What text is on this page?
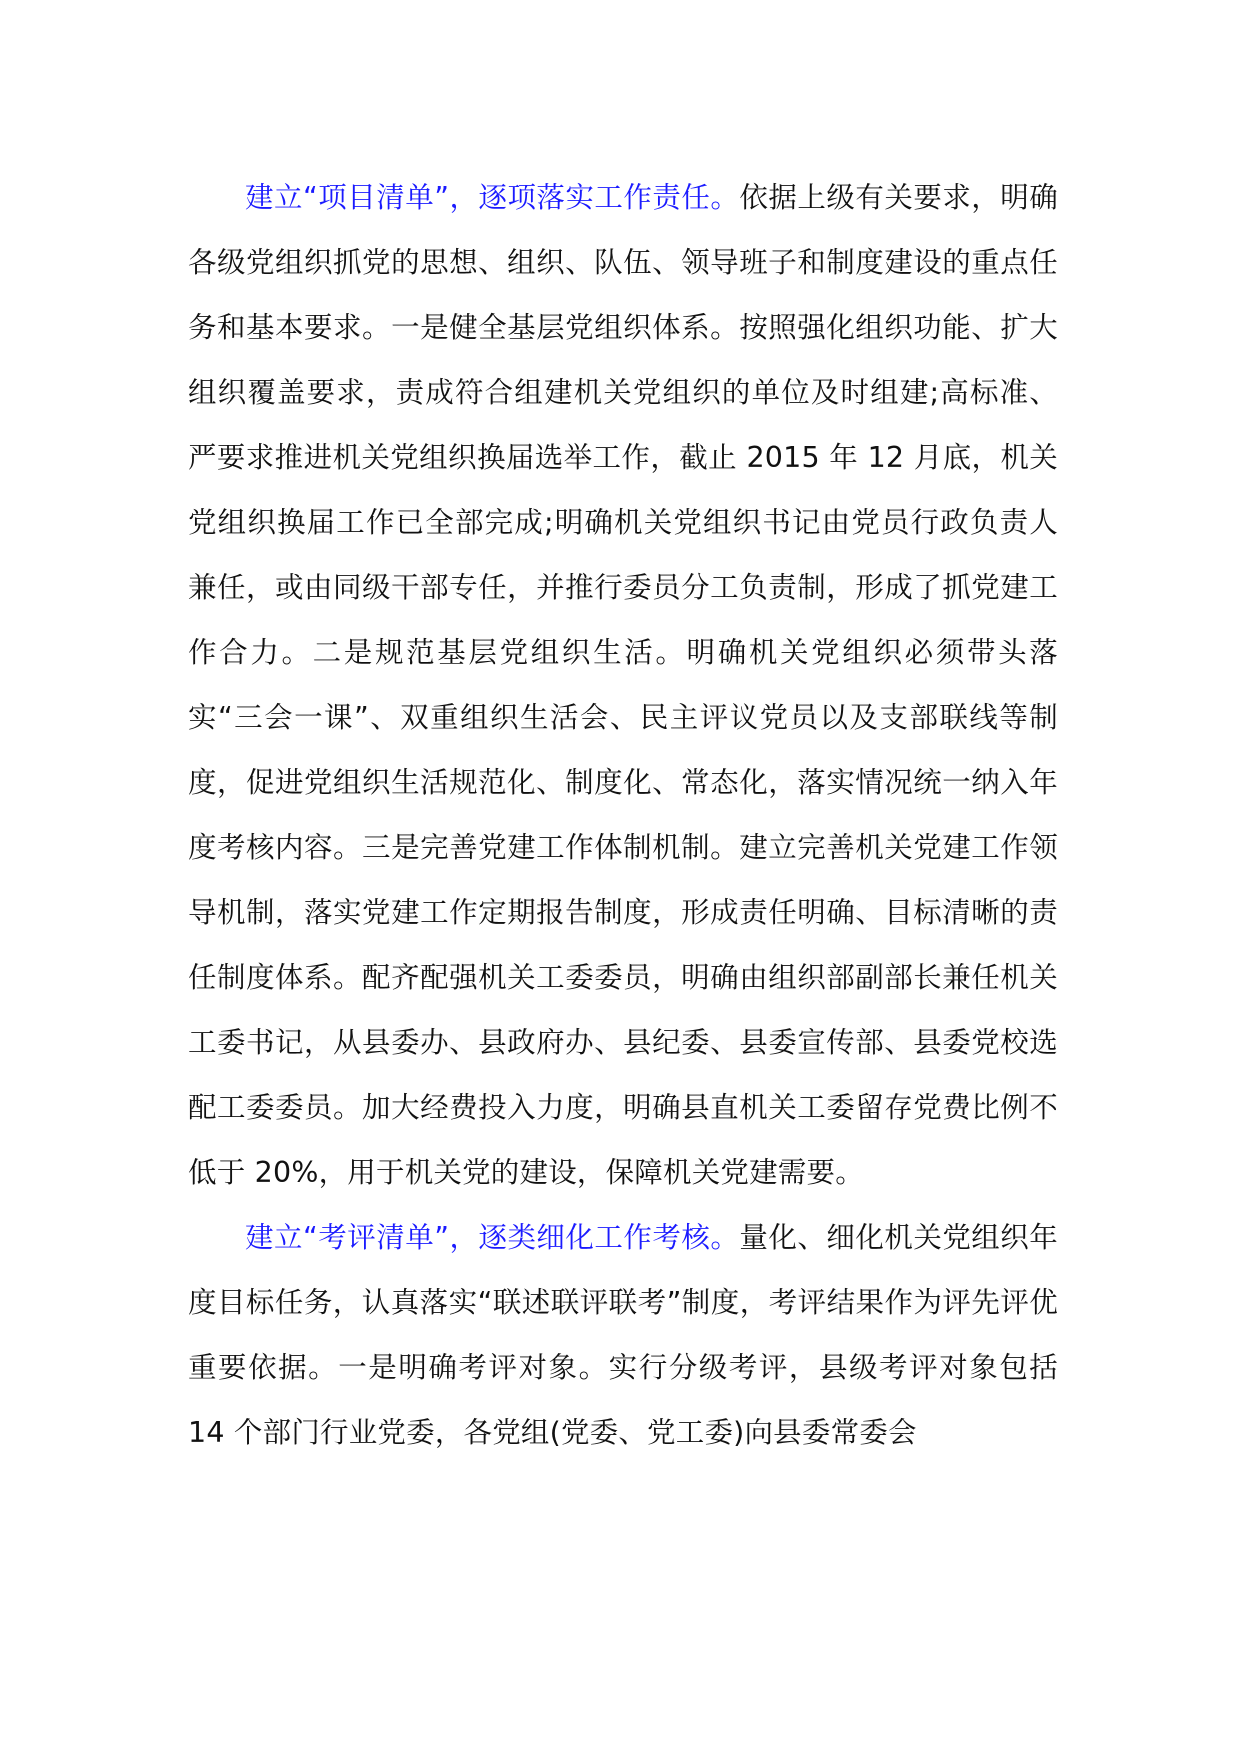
建立“项目清单”，逐项落实工作责任。依据上级有关要求，明确各级党组织抓党的思想、组织、队伍、领导班子和制度建设的重点任务和基本要求。一是健全基层党组织体系。按照强化组织功能、扩大组织覆盖要求，责成符合组建机关党组织的单位及时组建;高标准、严要求推进机关党组织换届选举工作，截止 2015 年 12 月底，机关党组织换届工作已全部完成;明确机关党组织书记由党员行政负责人兼任，或由同级干部专任，并推行委员分工负责制，形成了抓党建工作合力。二是规范基层党组织生活。明确机关党组织必须带头落实“三会一课”、双重组织生活会、民主评议党员以及支部联线等制度，促进党组织生活规范化、制度化、常态化，落实情况统一纳入年度考核内容。三是完善党建工作体制机制。建立完善机关党建工作领导机制，落实党建工作定期报告制度，形成责任明确、目标清晰的责任制度体系。配齐配强机关工委委员，明确由组织部副部长兼任机关工委书记，从县委办、县政府办、县纪委、县委宣传部、县委党校选配工委委员。加大经费投入力度，明确县直机关工委留存党费比例不低于 20%，用于机关党的建设，保障机关党建需要。

建立“考评清单”，逐类细化工作考核。量化、细化机关党组织年度目标任务，认真落实“联述联评联考”制度，考评结果作为评先评优重要依据。一是明确考评对象。实行分级考评，县级考评对象包括 14 个部门行业党委，各党组(党委、党工委)向县委常委会
